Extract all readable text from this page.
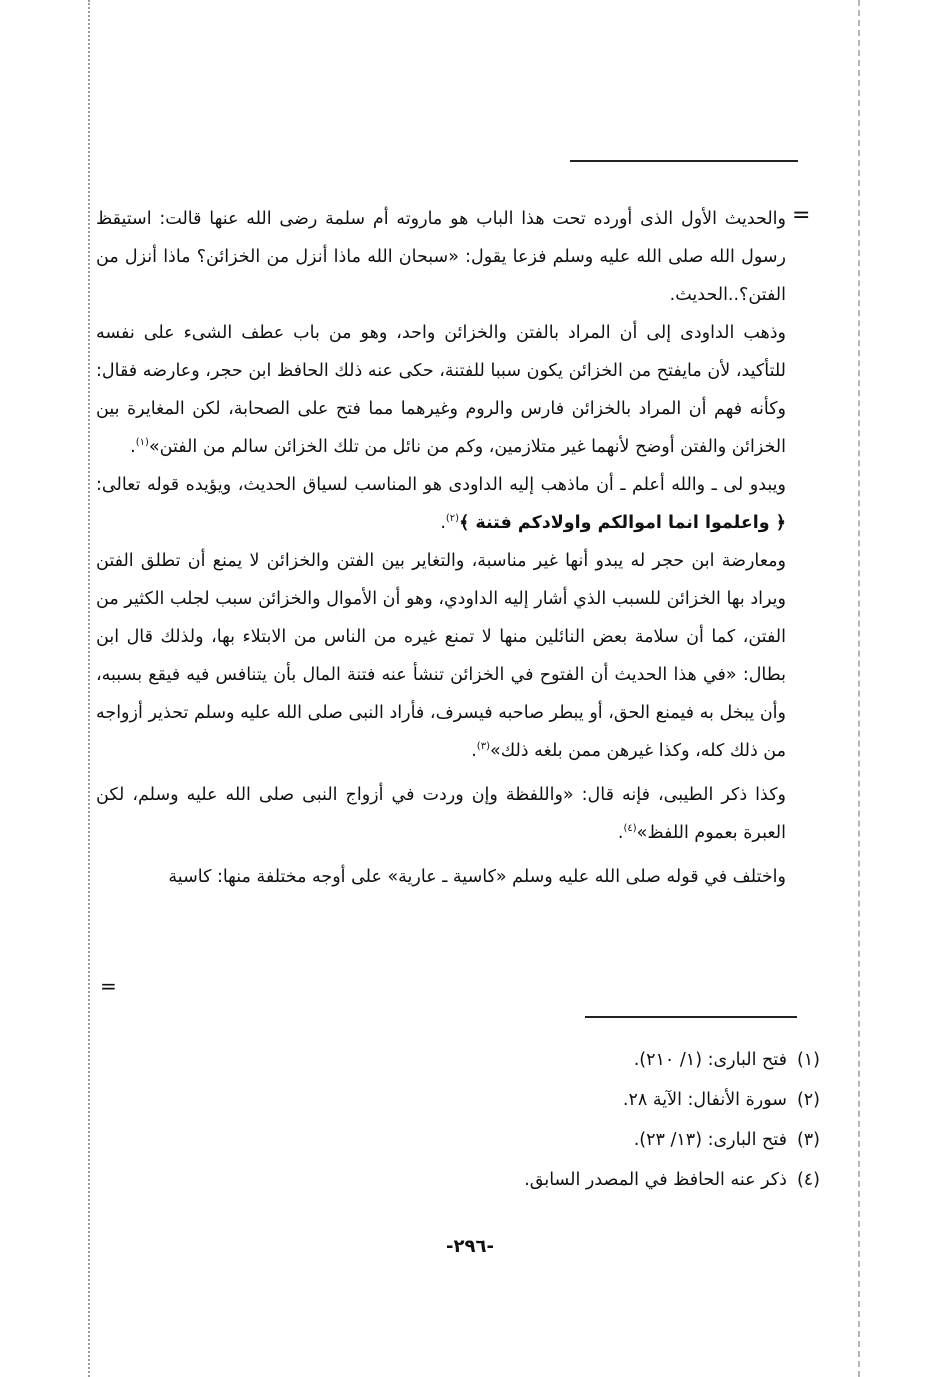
=

والحديث الأول الذى أورده تحت هذا الباب هو ماروته أم سلمة رضى الله عنها قالت: استيقظ رسول الله صلى الله عليه وسلم فزعا يقول: «سبحان الله ماذا أنزل من الخزائن؟ ماذا أنزل من الفتن؟..الحديث.

وذهب الداودى إلى أن المراد بالفتن والخزائن واحد، وهو من باب عطف الشىء على نفسه للتأكيد، لأن مايفتح من الخزائن يكون سببا للفتنة، حكى عنه ذلك الحافظ ابن حجر، وعارضه فقال: وكأنه فهم أن المراد بالخزائن فارس والروم وغيرهما مما فتح على الصحابة، لكن المغايرة بين الخزائن والفتن أوضح لأنهما غير متلازمين، وكم من نائل من تلك الخزائن سالم من الفتن»$^{(١)}$.

ويبدو لى ـ والله أعلم ـ أن ماذهب إليه الداودى هو المناسب لسياق الحديث، ويؤيده قوله تعالى: ﴿ واعلموا انما اموالكم واولادكم فتنة ﴾$^{(٢)}$.

ومعارضة ابن حجر له يبدو أنها غير مناسبة، والتغاير بين الفتن والخزائن لا يمنع أن تطلق الفتن ويراد بها الخزائن للسبب الذي أشار إليه الداودي، وهو أن الأموال والخزائن سبب لجلب الكثير من الفتن، كما أن سلامة بعض النائلين منها لا تمنع غيره من الناس من الابتلاء بها، ولذلك قال ابن بطال: «في هذا الحديث أن الفتوح في الخزائن تنشأ عنه فتنة المال بأن يتنافس فيه فيقع بسببه، وأن يبخل به فيمنع الحق، أو يبطر صاحبه فيسرف، فأراد النبى صلى الله عليه وسلم تحذير أزواجه من ذلك كله، وكذا غيرهن ممن بلغه ذلك»$^{(٣)}$.

وكذا ذكر الطيبى، فإنه قال: «واللفظة وإن وردت في أزواج النبى صلى الله عليه وسلم، لكن العبرة بعموم اللفظ»$^{(٤)}$.

واختلف في قوله صلى الله عليه وسلم «كاسية ـ عارية» على أوجه مختلفة منها: كاسية

=
(١)فتح البارى: (١/ ٢١٠).
(٢)سورة الأنفال: الآية ٢٨.
(٣)فتح البارى: (١٣/ ٢٣).
(٤)ذكر عنه الحافظ في المصدر السابق.
-٢٩٦-
